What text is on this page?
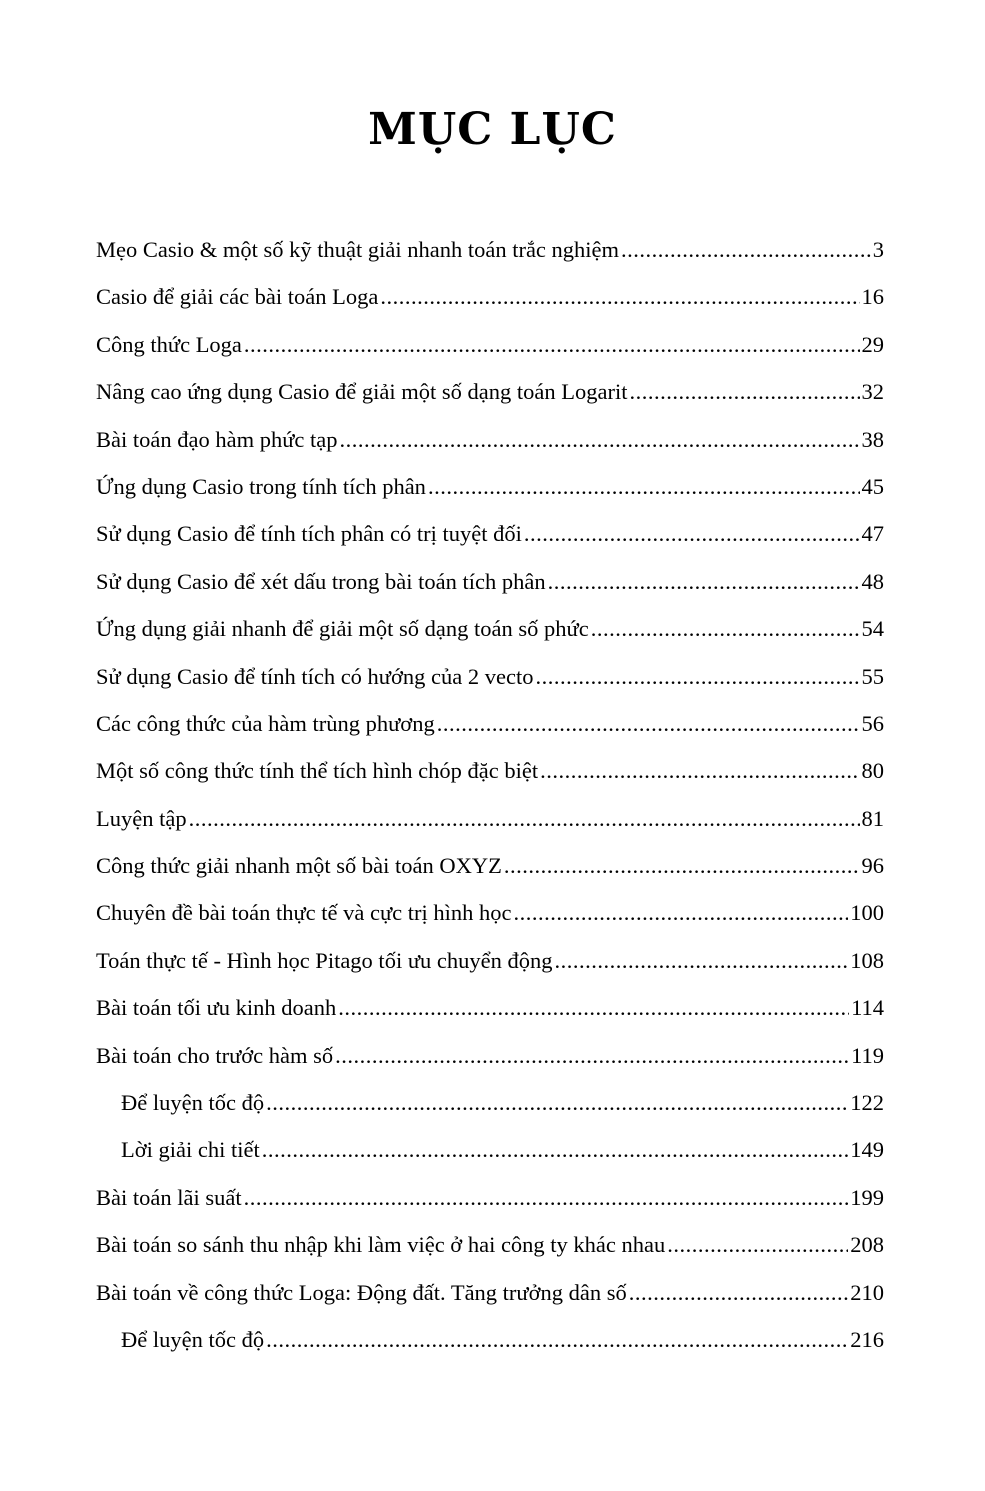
MỤC LỤC
Mẹo Casio & một số kỹ thuật giải nhanh toán trắc nghiệm .....	3
Casio để giải các bài toán Loga .....	16
Công thức Loga .....	29
Nâng cao ứng dụng Casio để giải một số dạng toán Logarit .....	32
Bài toán đạo hàm phức tạp .....	38
Ứng dụng Casio trong tính tích phân .....	45
Sử dụng Casio để tính tích phân có trị tuyệt đối .....	47
Sử dụng Casio để xét dấu trong bài toán tích phân .....	48
Ứng dụng giải nhanh để giải một số dạng toán số phức .....	54
Sử dụng Casio để tính tích có hướng của 2 vecto .....	55
Các công thức của hàm trùng phương .....	56
Một số công thức tính thể tích hình chóp đặc biệt .....	80
Luyện tập .....	81
Công thức giải nhanh một số bài toán OXYZ .....	96
Chuyên đề bài toán thực tế và cực trị hình học .....	100
Toán thực tế - Hình học Pitago tối ưu chuyển động .....	108
Bài toán tối ưu kinh doanh .....	114
Bài toán cho trước hàm số .....	119
Để luyện tốc độ .....	122
Lời giải chi tiết .....	149
Bài toán lãi suất .....	199
Bài toán so sánh thu nhập khi làm việc ở hai công ty khác nhau .....	208
Bài toán về công thức Loga: Động đất. Tăng trưởng dân số .....	210
Để luyện tốc độ .....	216
